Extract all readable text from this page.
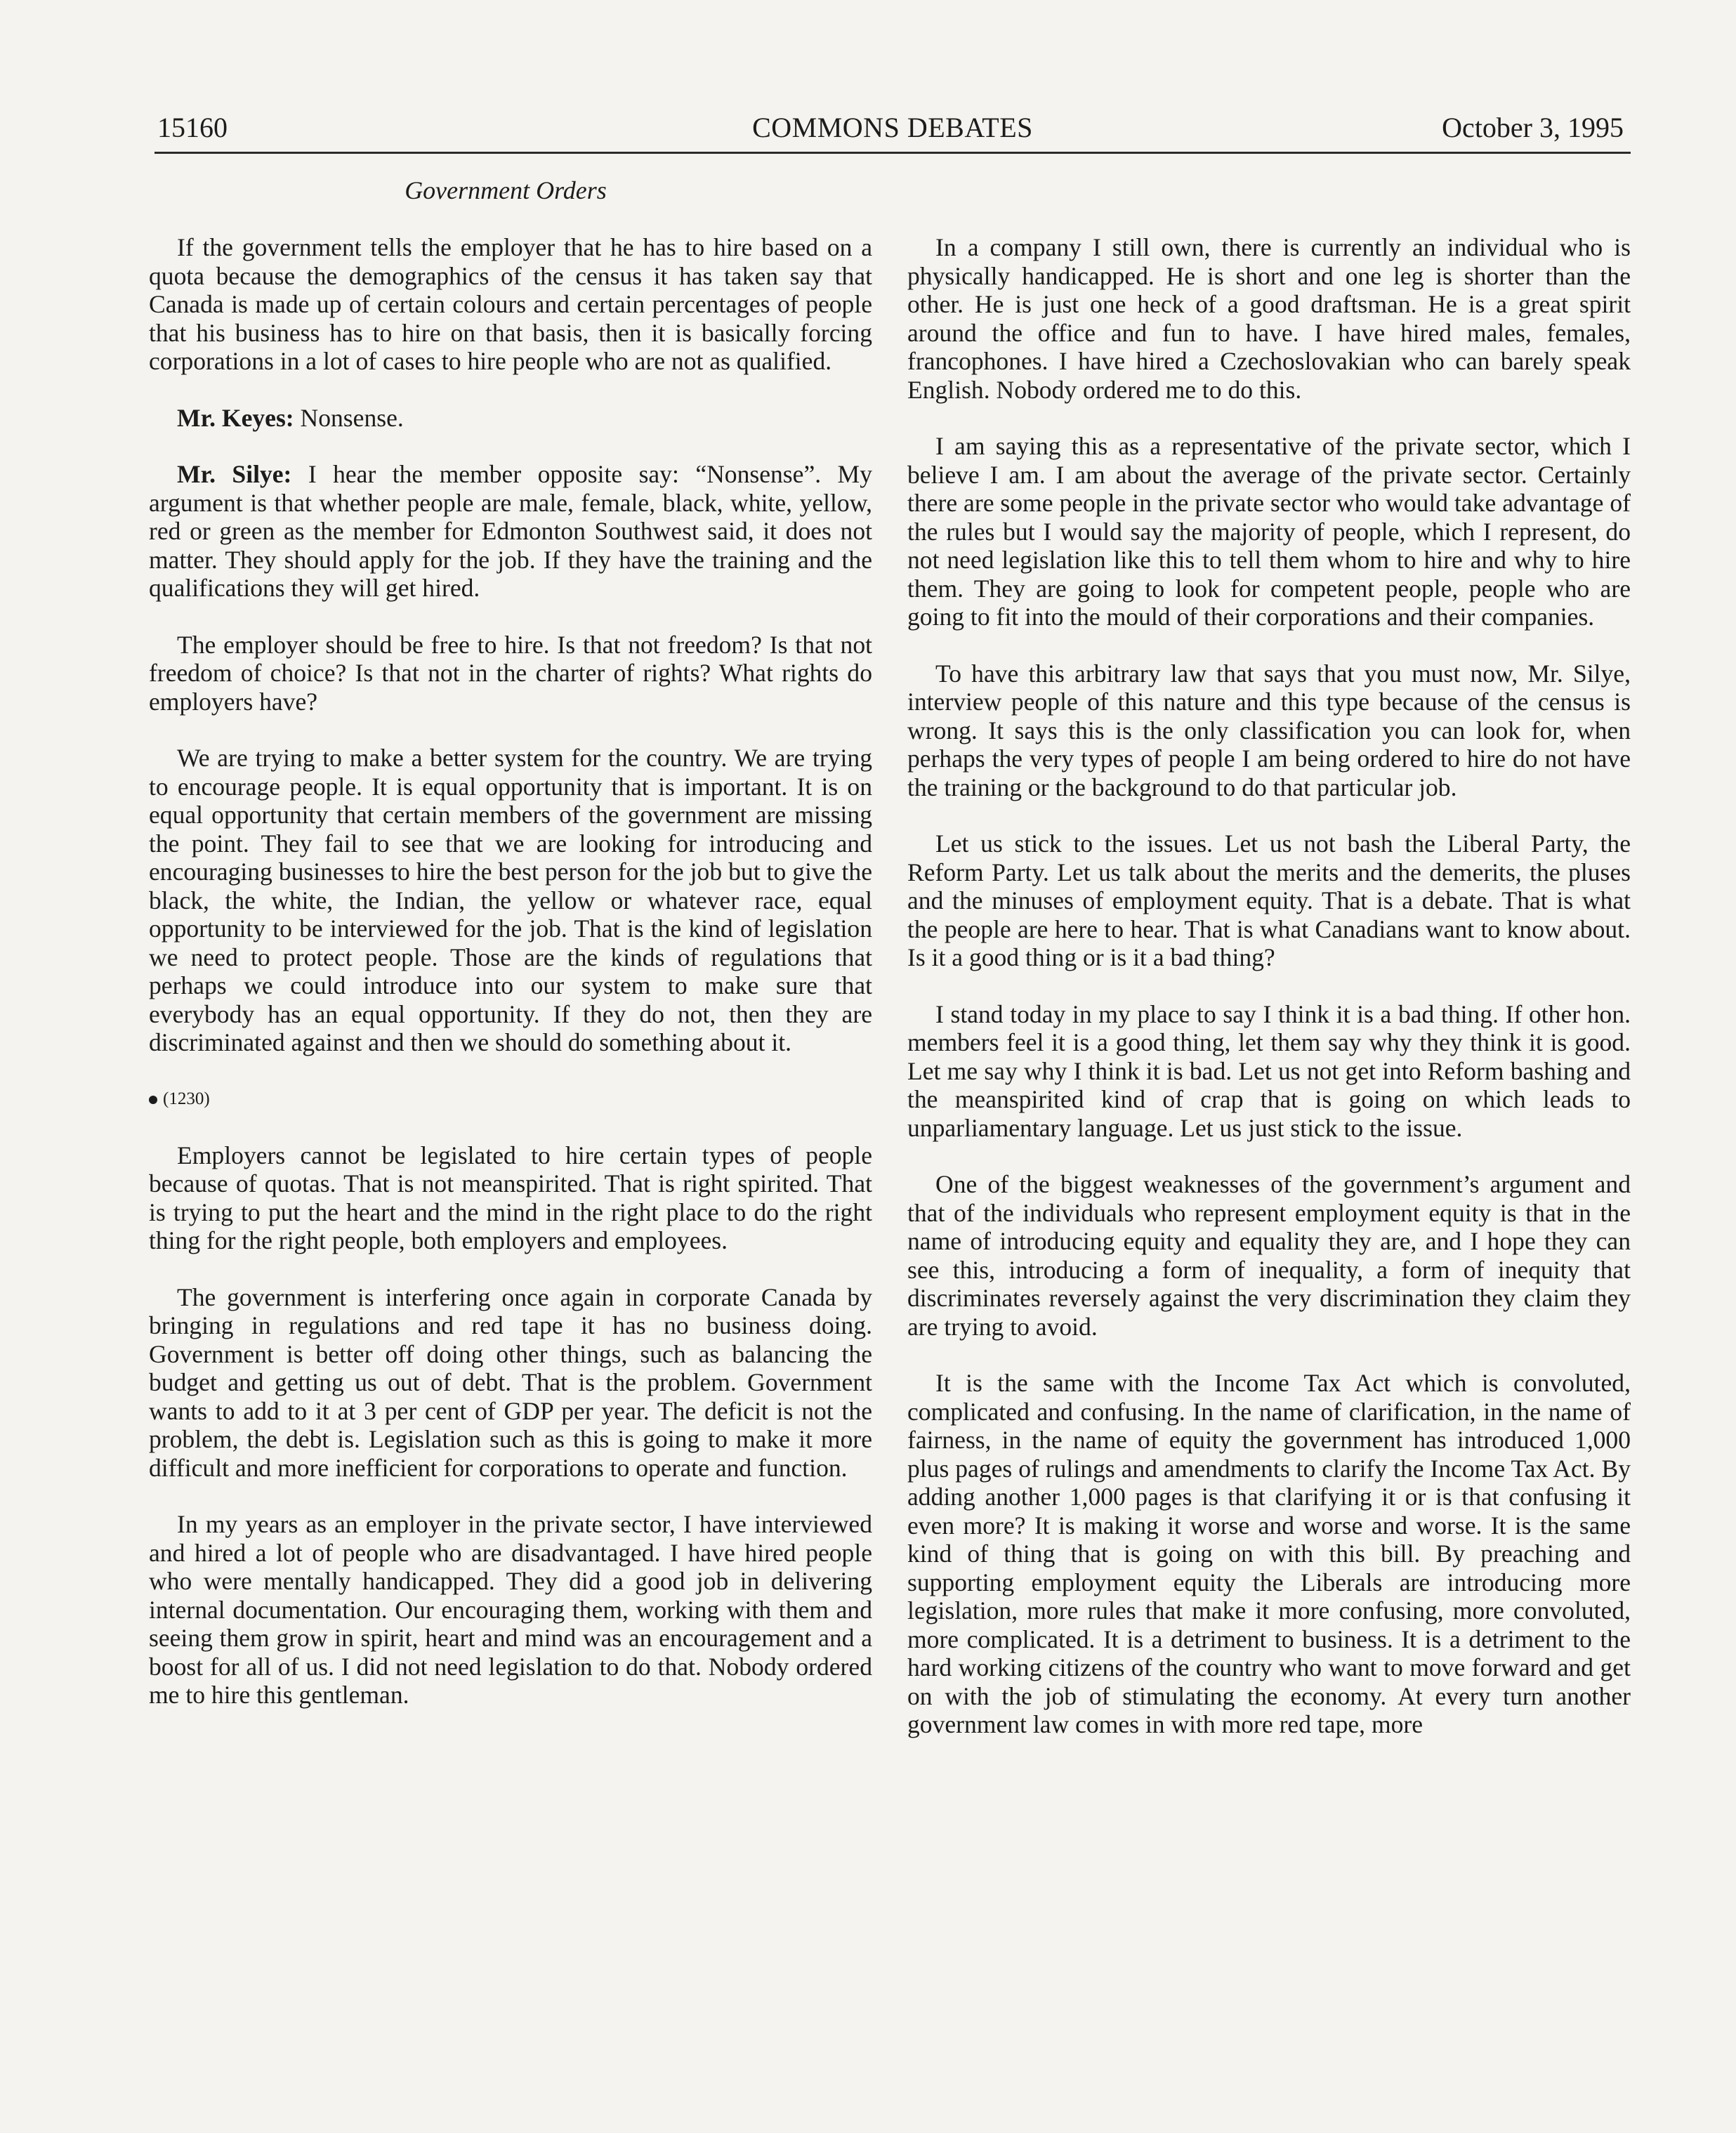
15160	COMMONS DEBATES	October 3, 1995
Government Orders

If the government tells the employer that he has to hire based on a quota because the demographics of the census it has taken say that Canada is made up of certain colours and certain percentages of people that his business has to hire on that basis, then it is basically forcing corporations in a lot of cases to hire people who are not as qualified.

Mr. Keyes: Nonsense.

Mr. Silye: I hear the member opposite say: “Nonsense”. My argument is that whether people are male, female, black, white, yellow, red or green as the member for Edmonton Southwest said, it does not matter. They should apply for the job. If they have the training and the qualifications they will get hired.

The employer should be free to hire. Is that not freedom? Is that not freedom of choice? Is that not in the charter of rights? What rights do employers have?

We are trying to make a better system for the country. We are trying to encourage people. It is equal opportunity that is important. It is on equal opportunity that certain members of the government are missing the point. They fail to see that we are looking for introducing and encouraging businesses to hire the best person for the job but to give the black, the white, the Indian, the yellow or whatever race, equal opportunity to be interviewed for the job. That is the kind of legislation we need to protect people. Those are the kinds of regulations that perhaps we could introduce into our system to make sure that everybody has an equal opportunity. If they do not, then they are discriminated against and then we should do something about it.

(1230)

Employers cannot be legislated to hire certain types of people because of quotas. That is not meanspirited. That is right spirited. That is trying to put the heart and the mind in the right place to do the right thing for the right people, both employers and employees.

The government is interfering once again in corporate Canada by bringing in regulations and red tape it has no business doing. Government is better off doing other things, such as balancing the budget and getting us out of debt. That is the problem. Government wants to add to it at 3 per cent of GDP per year. The deficit is not the problem, the debt is. Legislation such as this is going to make it more difficult and more inefficient for corporations to operate and function.

In my years as an employer in the private sector, I have interviewed and hired a lot of people who are disadvantaged. I have hired people who were mentally handicapped. They did a good job in delivering internal documentation. Our encouraging them, working with them and seeing them grow in spirit, heart and mind was an encouragement and a boost for all of us. I did not need legislation to do that. Nobody ordered me to hire this gentleman.

In a company I still own, there is currently an individual who is physically handicapped. He is short and one leg is shorter than the other. He is just one heck of a good draftsman. He is a great spirit around the office and fun to have. I have hired males, females, francophones. I have hired a Czechoslovakian who can barely speak English. Nobody ordered me to do this.

I am saying this as a representative of the private sector, which I believe I am. I am about the average of the private sector. Certainly there are some people in the private sector who would take advantage of the rules but I would say the majority of people, which I represent, do not need legislation like this to tell them whom to hire and why to hire them. They are going to look for competent people, people who are going to fit into the mould of their corporations and their companies.

To have this arbitrary law that says that you must now, Mr. Silye, interview people of this nature and this type because of the census is wrong. It says this is the only classification you can look for, when perhaps the very types of people I am being ordered to hire do not have the training or the background to do that particular job.

Let us stick to the issues. Let us not bash the Liberal Party, the Reform Party. Let us talk about the merits and the demerits, the pluses and the minuses of employment equity. That is a debate. That is what the people are here to hear. That is what Canadians want to know about. Is it a good thing or is it a bad thing?

I stand today in my place to say I think it is a bad thing. If other hon. members feel it is a good thing, let them say why they think it is good. Let me say why I think it is bad. Let us not get into Reform bashing and the meanspirited kind of crap that is going on which leads to unparliamentary language. Let us just stick to the issue.

One of the biggest weaknesses of the government’s argument and that of the individuals who represent employment equity is that in the name of introducing equity and equality they are, and I hope they can see this, introducing a form of inequality, a form of inequity that discriminates reversely against the very discrimination they claim they are trying to avoid.

It is the same with the Income Tax Act which is convoluted, complicated and confusing. In the name of clarification, in the name of fairness, in the name of equity the government has introduced 1,000 plus pages of rulings and amendments to clarify the Income Tax Act. By adding another 1,000 pages is that clarifying it or is that confusing it even more? It is making it worse and worse and worse. It is the same kind of thing that is going on with this bill. By preaching and supporting employment equity the Liberals are introducing more legislation, more rules that make it more confusing, more convoluted, more complicated. It is a detriment to business. It is a detriment to the hard working citizens of the country who want to move forward and get on with the job of stimulating the economy. At every turn another government law comes in with more red tape, more
